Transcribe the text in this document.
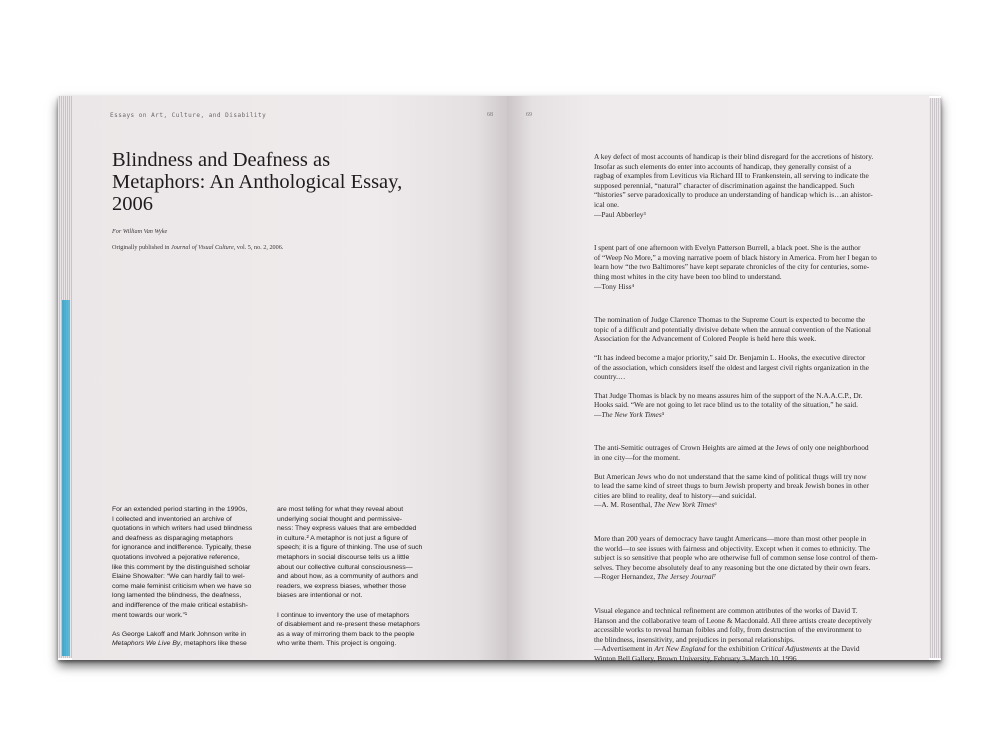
Essays on Art, Culture, and Disability	68
Blindness and Deafness as
Metaphors: An Anthological Essay,
2006
For William Van Wyke
Originally published in Journal of Visual Culture, vol. 5, no. 2, 2006.

For an extended period starting in the 1990s,
I collected and inventoried an archive of
quotations in which writers had used blindness
and deafness as disparaging metaphors
for ignorance and indifference. Typically, these
quotations involved a pejorative reference,
like this comment by the distinguished scholar
Elaine Showalter: “We can hardly fail to wel-
come male feminist criticism when we have so
long lamented the blindness, the deafness,
and indifference of the male critical establish-
ment towards our work.”¹

As George Lakoff and Mark Johnson write in
Metaphors We Live By, metaphors like these

are most telling for what they reveal about
underlying social thought and permissive-
ness: They express values that are embedded
in culture.² A metaphor is not just a figure of
speech; it is a figure of thinking. The use of such
metaphors in social discourse tells us a little
about our collective cultural consciousness—
and about how, as a community of authors and
readers, we express biases, whether those
biases are intentional or not.

I continue to inventory the use of metaphors
of disablement and re-present these metaphors
as a way of mirroring them back to the people
who write them. This project is ongoing.

69
A key defect of most accounts of handicap is their blind disregard for the accretions of history.
Insofar as such elements do enter into accounts of handicap, they generally consist of a
ragbag of examples from Leviticus via Richard III to Frankenstein, all serving to indicate the
supposed perennial, “natural” character of discrimination against the handicapped. Such
“histories” serve paradoxically to produce an understanding of handicap which is…an ahistor-
ical one.
—Paul Abberley³
I spent part of one afternoon with Evelyn Patterson Burrell, a black poet. She is the author
of “Weep No More,” a moving narrative poem of black history in America. From her I began to
learn how “the two Baltimores” have kept separate chronicles of the city for centuries, some-
thing most whites in the city have been too blind to understand.
—Tony Hiss⁴
The nomination of Judge Clarence Thomas to the Supreme Court is expected to become the
topic of a difficult and potentially divisive debate when the annual convention of the National
Association for the Advancement of Colored People is held here this week.
“It has indeed become a major priority,” said Dr. Benjamin L. Hooks, the executive director
of the association, which considers itself the oldest and largest civil rights organization in the
country.…
That Judge Thomas is black by no means assures him of the support of the N.A.A.C.P., Dr.
Hooks said. “We are not going to let race blind us to the totality of the situation,” he said.
—The New York Times⁵
The anti-Semitic outrages of Crown Heights are aimed at the Jews of only one neighborhood
in one city—for the moment.
But American Jews who do not understand that the same kind of political thugs will try now
to lead the same kind of street thugs to burn Jewish property and break Jewish bones in other
cities are blind to reality, deaf to history—and suicidal.
—A. M. Rosenthal, The New York Times⁶
More than 200 years of democracy have taught Americans—more than most other people in
the world—to see issues with fairness and objectivity. Except when it comes to ethnicity. The
subject is so sensitive that people who are otherwise full of common sense lose control of them-
selves. They become absolutely deaf to any reasoning but the one dictated by their own fears.
—Roger Hernandez, The Jersey Journal⁷
Visual elegance and technical refinement are common attributes of the works of David T.
Hanson and the collaborative team of Leone & Macdonald. All three artists create deceptively
accessible works to reveal human foibles and folly, from destruction of the environment to
the blindness, insensitivity, and prejudices in personal relationships.
—Advertisement in Art New England for the exhibition Critical Adjustments at the David
Winton Bell Gallery, Brown University, February 3–March 10, 1996
